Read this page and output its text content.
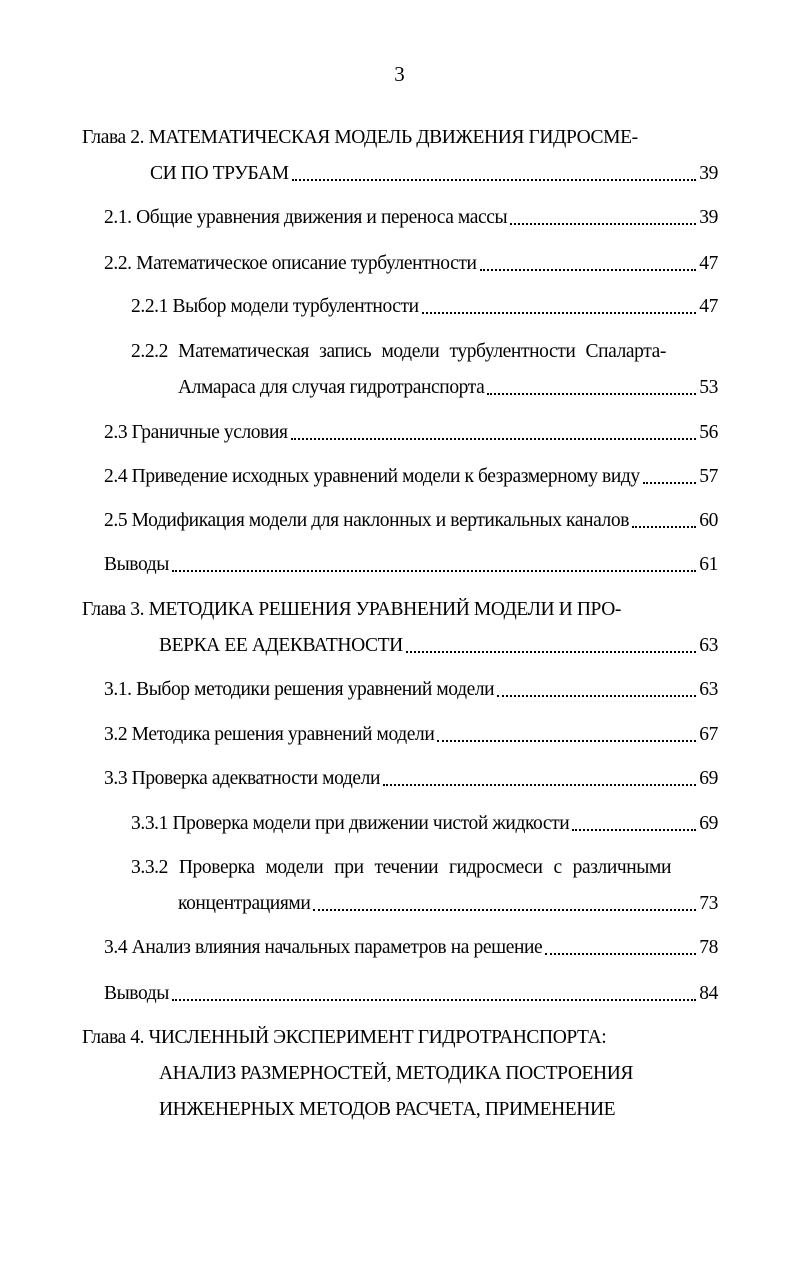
3
Глава 2. МАТЕМАТИЧЕСКАЯ МОДЕЛЬ ДВИЖЕНИЯ ГИДРОСМЕ-
СИ ПО ТРУБАМ	39
2.1. Общие уравнения движения и переноса массы	39
2.2. Математическое описание турбулентности	47
2.2.1 Выбор модели турбулентности	47
2.2.2 Математическая запись модели турбулентности Спаларта-
Алмараса для случая гидротранспорта	53
2.3 Граничные условия	56
2.4 Приведение исходных уравнений модели к безразмерному виду	57
2.5 Модификация модели для наклонных и вертикальных каналов	60
Выводы	61
Глава 3. МЕТОДИКА РЕШЕНИЯ УРАВНЕНИЙ МОДЕЛИ И ПРО-
ВЕРКА ЕЕ АДЕКВАТНОСТИ	63
3.1. Выбор методики решения уравнений модели	63
3.2 Методика решения уравнений модели	67
3.3 Проверка адекватности модели	69
3.3.1 Проверка модели при движении чистой жидкости	69
3.3.2 Проверка модели при течении гидросмеси с различными
концентрациями	73
3.4 Анализ влияния начальных параметров на решение	78
Выводы	84
Глава 4. ЧИСЛЕННЫЙ ЭКСПЕРИМЕНТ ГИДРОТРАНСПОРТА:
АНАЛИЗ РАЗМЕРНОСТЕЙ, МЕТОДИКА ПОСТРОЕНИЯ
ИНЖЕНЕРНЫХ МЕТОДОВ РАСЧЕТА, ПРИМЕНЕНИЕ
